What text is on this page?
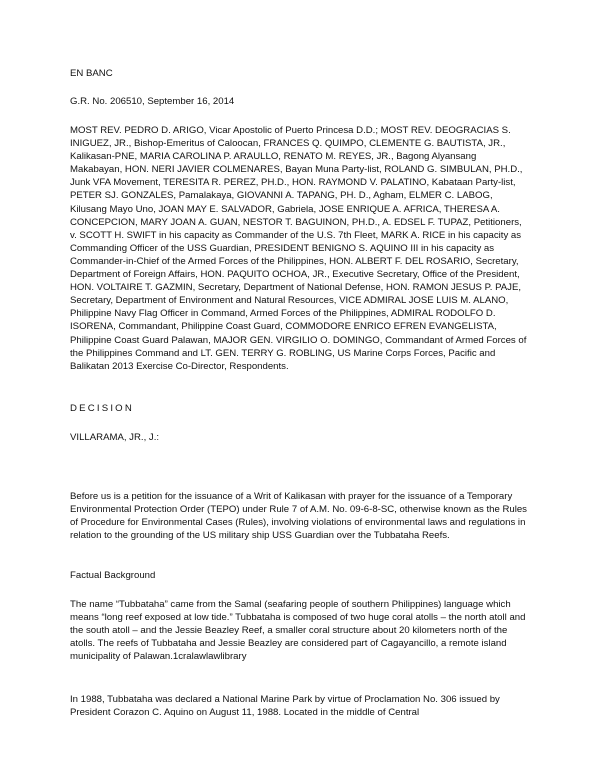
EN BANC
G.R. No. 206510, September 16, 2014
MOST REV. PEDRO D. ARIGO, Vicar Apostolic of Puerto Princesa D.D.; MOST REV. DEOGRACIAS S. INIGUEZ, JR., Bishop-Emeritus of Caloocan, FRANCES Q. QUIMPO, CLEMENTE G. BAUTISTA, JR., Kalikasan-PNE, MARIA CAROLINA P. ARAULLO, RENATO M. REYES, JR., Bagong Alyansang Makabayan, HON. NERI JAVIER COLMENARES, Bayan Muna Party-list, ROLAND G. SIMBULAN, PH.D., Junk VFA Movement, TERESITA R. PEREZ, PH.D., HON. RAYMOND V. PALATINO, Kabataan Party-list, PETER SJ. GONZALES, Pamalakaya, GIOVANNI A. TAPANG, PH. D., Agham, ELMER C. LABOG, Kilusang Mayo Uno, JOAN MAY E. SALVADOR, Gabriela, JOSE ENRIQUE A. AFRICA, THERESA A. CONCEPCION, MARY JOAN A. GUAN, NESTOR T. BAGUINON, PH.D., A. EDSEL F. TUPAZ, Petitioners, v. SCOTT H. SWIFT in his capacity as Commander of the U.S. 7th Fleet, MARK A. RICE in his capacity as Commanding Officer of the USS Guardian, PRESIDENT BENIGNO S. AQUINO III in his capacity as Commander-in-Chief of the Armed Forces of the Philippines, HON. ALBERT F. DEL ROSARIO, Secretary, Department of Foreign Affairs, HON. PAQUITO OCHOA, JR., Executive Secretary, Office of the President, HON. VOLTAIRE T. GAZMIN, Secretary, Department of National Defense, HON. RAMON JESUS P. PAJE, Secretary, Department of Environment and Natural Resources, VICE ADMIRAL JOSE LUIS M. ALANO, Philippine Navy Flag Officer in Command, Armed Forces of the Philippines, ADMIRAL RODOLFO D. ISORENA, Commandant, Philippine Coast Guard, COMMODORE ENRICO EFREN EVANGELISTA, Philippine Coast Guard Palawan, MAJOR GEN. VIRGILIO O. DOMINGO, Commandant of Armed Forces of the Philippines Command and LT. GEN. TERRY G. ROBLING, US Marine Corps Forces, Pacific and Balikatan 2013 Exercise Co-Director, Respondents.
DECISION
VILLARAMA, JR., J.:
Before us is a petition for the issuance of a Writ of Kalikasan with prayer for the issuance of a Temporary Environmental Protection Order (TEPO) under Rule 7 of A.M. No. 09-6-8-SC, otherwise known as the Rules of Procedure for Environmental Cases (Rules), involving violations of environmental laws and regulations in relation to the grounding of the US military ship USS Guardian over the Tubbataha Reefs.
Factual Background
The name “Tubbataha” came from the Samal (seafaring people of southern Philippines) language which means “long reef exposed at low tide.” Tubbataha is composed of two huge coral atolls – the north atoll and the south atoll – and the Jessie Beazley Reef, a smaller coral structure about 20 kilometers north of the atolls. The reefs of Tubbataha and Jessie Beazley are considered part of Cagayancillo, a remote island municipality of Palawan.1cralawlawlibrary
In 1988, Tubbataha was declared a National Marine Park by virtue of Proclamation No. 306 issued by President Corazon C. Aquino on August 11, 1988. Located in the middle of Central
